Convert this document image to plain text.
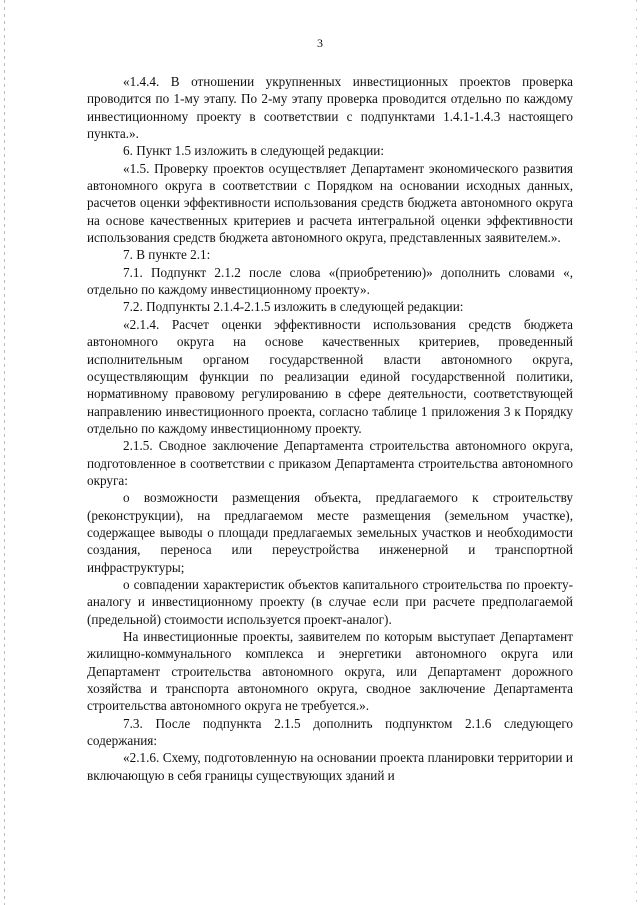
3

«1.4.4. В отношении укрупненных инвестиционных проектов проверка проводится по 1-му этапу. По 2-му этапу проверка проводится отдельно по каждому инвестиционному проекту в соответствии с подпунктами 1.4.1-1.4.3 настоящего пункта.».

6. Пункт 1.5 изложить в следующей редакции:

«1.5. Проверку проектов осуществляет Департамент экономического развития автономного округа в соответствии с Порядком на основании исходных данных, расчетов оценки эффективности использования средств бюджета автономного округа на основе качественных критериев и расчета интегральной оценки эффективности использования средств бюджета автономного округа, представленных заявителем.».

7. В пункте 2.1:

7.1. Подпункт 2.1.2 после слова «(приобретению)» дополнить словами «, отдельно по каждому инвестиционному проекту».

7.2. Подпункты 2.1.4-2.1.5 изложить в следующей редакции:

«2.1.4. Расчет оценки эффективности использования средств бюджета автономного округа на основе качественных критериев, проведенный исполнительным органом государственной власти автономного округа, осуществляющим функции по реализации единой государственной политики, нормативному правовому регулированию в сфере деятельности, соответствующей направлению инвестиционного проекта, согласно таблице 1 приложения 3 к Порядку отдельно по каждому инвестиционному проекту.

2.1.5. Сводное заключение Департамента строительства автономного округа, подготовленное в соответствии с приказом Департамента строительства автономного округа:

о возможности размещения объекта, предлагаемого к строительству (реконструкции), на предлагаемом месте размещения (земельном участке), содержащее выводы о площади предлагаемых земельных участков и необходимости создания, переноса или переустройства инженерной и транспортной инфраструктуры;

о совпадении характеристик объектов капитального строительства по проекту-аналогу и инвестиционному проекту (в случае если при расчете предполагаемой (предельной) стоимости используется проект-аналог).

На инвестиционные проекты, заявителем по которым выступает Департамент жилищно-коммунального комплекса и энергетики автономного округа или Департамент строительства автономного округа, или Департамент дорожного хозяйства и транспорта автономного округа, сводное заключение Департамента строительства автономного округа не требуется.».

7.3. После подпункта 2.1.5 дополнить подпунктом 2.1.6 следующего содержания:

«2.1.6. Схему, подготовленную на основании проекта планировки территории и включающую в себя границы существующих зданий и
